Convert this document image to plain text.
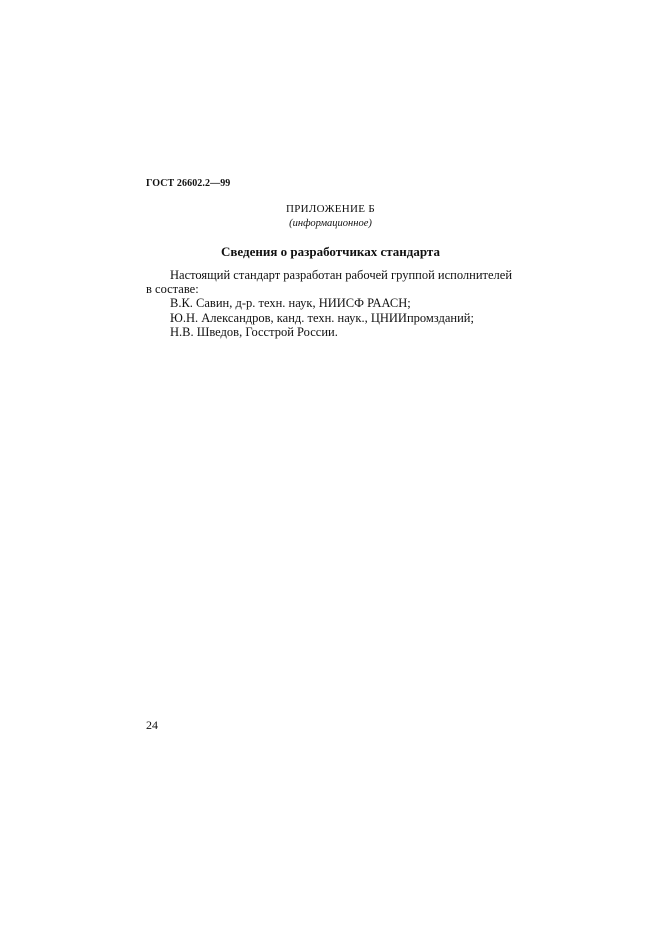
ГОСТ 26602.2—99
ПРИЛОЖЕНИЕ Б
(информационное)
Сведения о разработчиках стандарта

Настоящий стандарт разработан рабочей группой исполнителей

в составе:

В.К. Савин, д-р. техн. наук, НИИСФ РААСН;

Ю.Н. Александров, канд. техн. наук., ЦНИИпромзданий;

Н.В. Шведов, Госстрой России.

24
